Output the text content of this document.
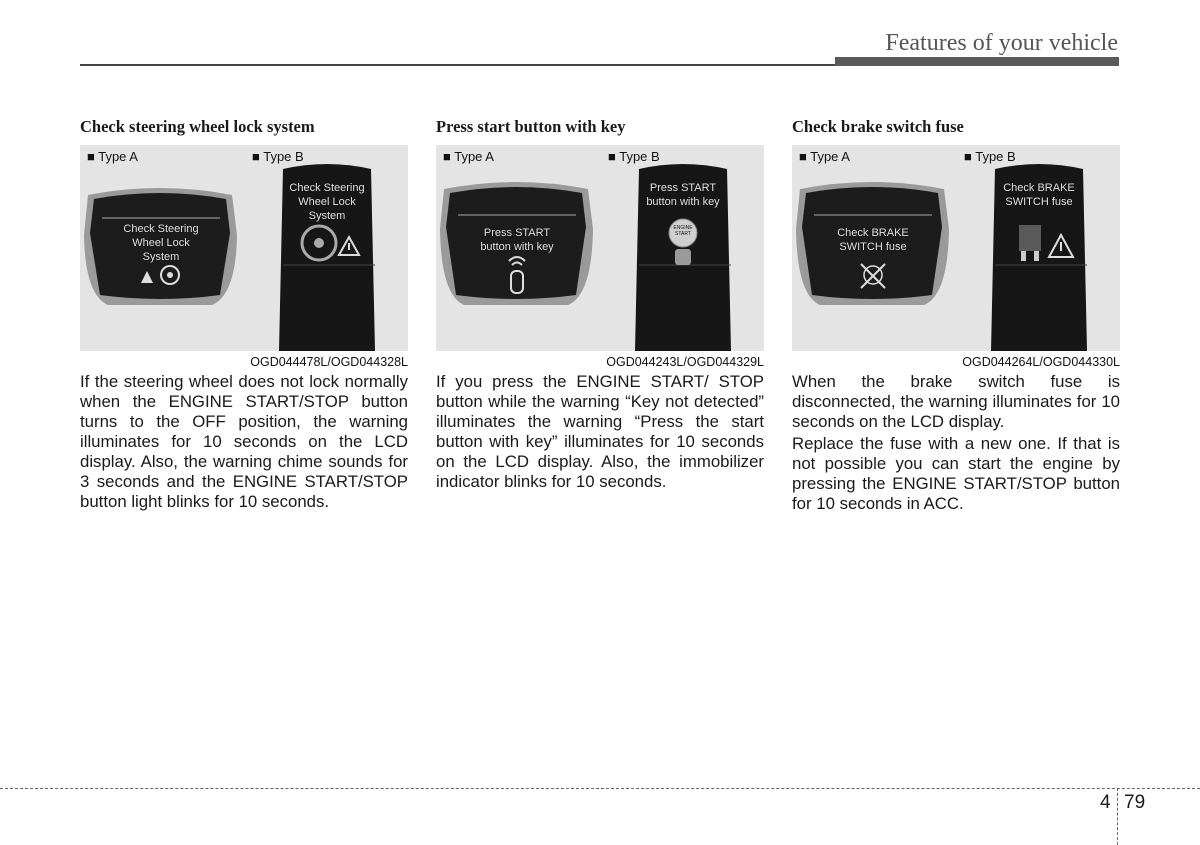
Features of your vehicle
Check steering wheel lock system
■ Type A
Check Steering
Wheel Lock
System
■ Type B
Check Steering
Wheel Lock
System
OGD044478L/OGD044328L

If the steering wheel does not lock normally when the ENGINE START/STOP button turns to the OFF position, the warning illuminates for 10 seconds on the LCD display. Also, the warning chime sounds for 3 seconds and the ENGINE START/STOP button light blinks for 10 seconds.

Press start button with key
■ Type A
Press START
button with key
■ Type B
Press START
button with key
ENGINE
START
OGD044243L/OGD044329L

If you press the ENGINE START/ STOP button while the warning “Key not detected” illuminates the warning “Press the start button with key” illuminates for 10 seconds on the LCD display. Also, the immobilizer indicator blinks for 10 seconds.

Check brake switch fuse
■ Type A
Check BRAKE
SWITCH fuse
■ Type B
Check BRAKE
SWITCH fuse
OGD044264L/OGD044330L

When the brake switch fuse is disconnected, the warning illuminates for 10 seconds on the LCD display.

Replace the fuse with a new one. If that is not possible you can start the engine by pressing the ENGINE START/STOP button for 10 seconds in ACC.

4 79
